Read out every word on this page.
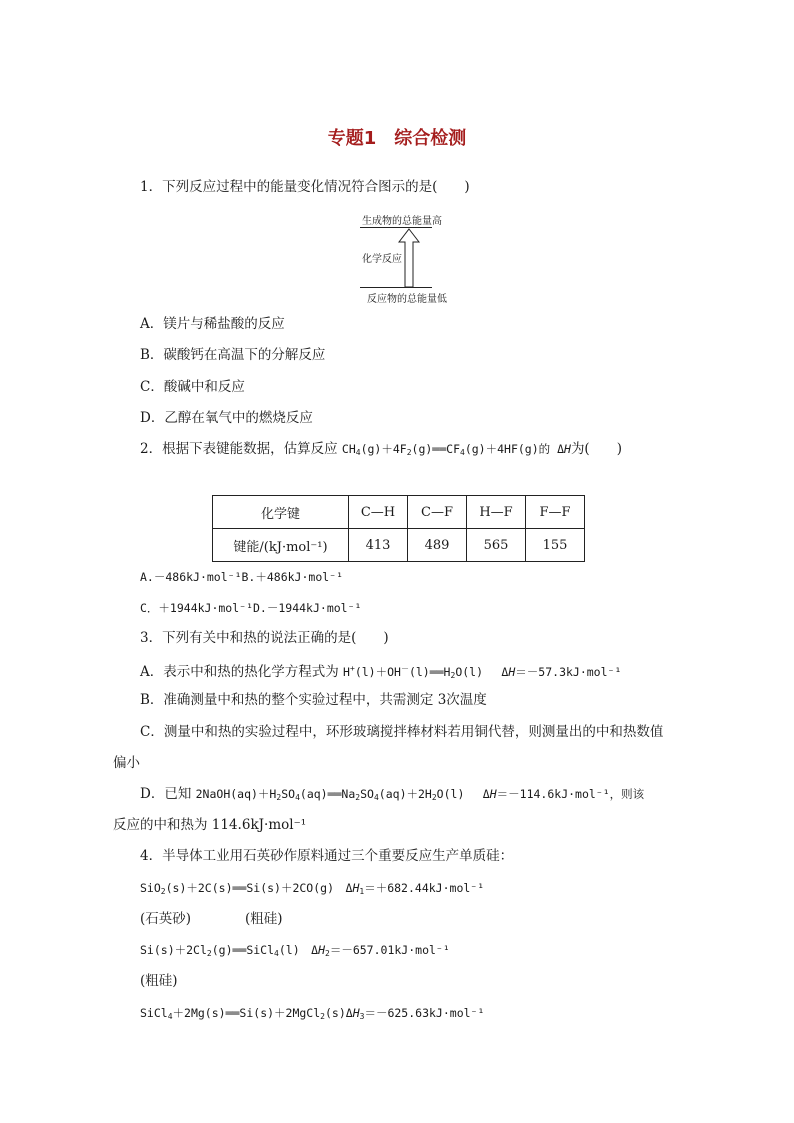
专题1　综合检测
1．下列反应过程中的能量变化情况符合图示的是(　　)
生成物的总能量高
化学反应
反应物的总能量低
A．镁片与稀盐酸的反应
B．碳酸钙在高温下的分解反应
C．酸碱中和反应
D．乙醇在氧气中的燃烧反应
2．根据下表键能数据，估算反应 $CH_4(g)+4F_2(g)══CF_4(g)+4HF(g)$的 ΔH为(　　)
化学键	C—H	C—F	H—F	F—F
键能/(kJ·mol⁻¹)	413	489	565	155
A.－486kJ·mol⁻¹B.＋486kJ·mol⁻¹
C．＋1944kJ·mol⁻¹D.－1944kJ·mol⁻¹
3．下列有关中和热的说法正确的是(　　)
A．表示中和热的热化学方程式为 $H^+(l)+OH^-(l)══H_2O(l)$　 ΔH＝－57.3kJ·mol⁻¹
B．准确测量中和热的整个实验过程中，共需测定 3次温度
C．测量中和热的实验过程中，环形玻璃搅拌棒材料若用铜代替，则测量出的中和热数值
偏小
D．已知 $2NaOH(aq)+H_2SO_4(aq)══Na_2SO_4(aq)+2H_2O(l)$　 ΔH＝－114.6kJ·mol⁻¹，则该
反应的中和热为 114.6kJ·mol⁻¹
4．半导体工业用石英砂作原料通过三个重要反应生产单质硅：
SiO$_2$(s)＋2C(s)══Si(s)＋2CO(g)　$\Delta H_1=+682.44kJ\cdot mol^{-1}$
(石英砂)　　　　(粗硅)
$Si(s)+2Cl_2(g)══SiCl_4(l)$　$\Delta H_2=-657.01kJ\cdot mol^{-1}$
(粗硅)
$SiCl_4+2Mg(s)══Si(s)+2MgCl_2(s)\Delta H_3=-625.63kJ\cdot mol^{-1}$
